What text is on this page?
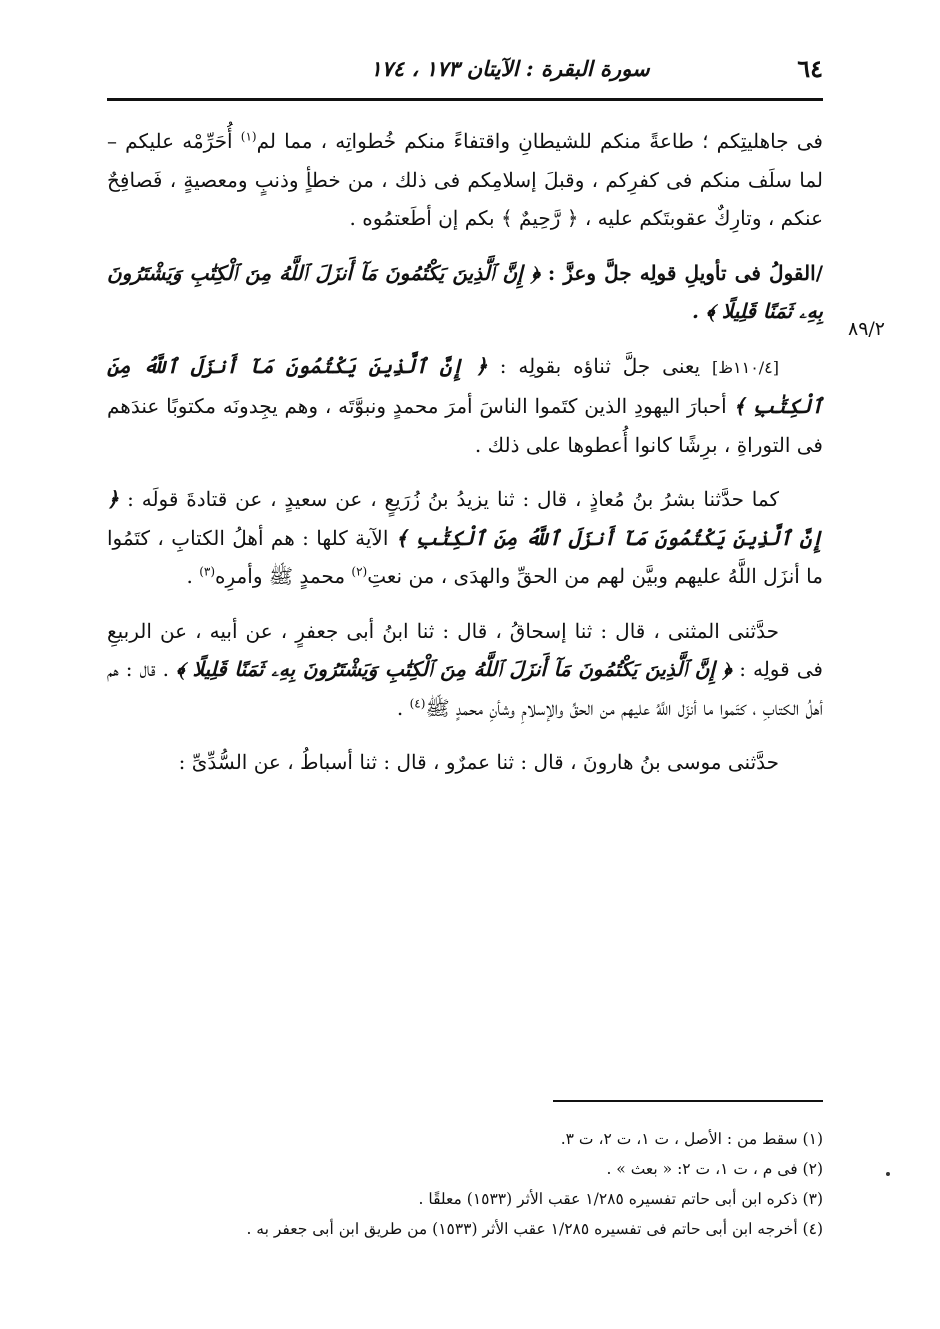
٦٤
سورة البقرة : الآيتان ١٧٣ ، ١٧٤
٨٩/٢

فى جاهليتِكم ؛ طاعةً منكم للشيطانِ واقتفاءً منكم خُطواتِه ، مما لم$^{(١)}$ أُحَرِّمْه عليكم – لما سلَف منكم فى كفرِكم ، وقبلَ إسلامِكم فى ذلك ، من خطأٍ وذنبٍ ومعصيةٍ ، فَصافِحٌ عنكم ، وتارِكٌ عقوبتَكم عليه ، ﴿ رَّحِيمٌ ﴾ بكم إن أطَعتمُوه .

/القولُ فى تأويلِ قولِه جلَّ وعزَّ : ﴿ إِنَّ ٱلَّذِينَ يَكْتُمُونَ مَآ أَنزَلَ ٱللَّهُ مِنَ ٱلْكِتَٰبِ وَيَشْتَرُونَ بِهِۦ ثَمَنًا قَلِيلًا ﴾ .

[١١٠/٤ظ] يعنى جلَّ ثناؤه بقولِه : ﴿ إِنَّ ٱلَّذِينَ يَكْتُمُونَ مَآ أَنزَلَ ٱللَّهُ مِنَ ٱلْكِتَٰبِ ﴾ أحبارَ اليهودِ الذين كتَموا الناسَ أمرَ محمدٍ ونبوَّتَه ، وهم يجِدونَه مكتوبًا عندَهم فى التوراةِ ، برِشًا كانوا أُعطوها على ذلك .

كما حدَّثنا بشرُ بنُ مُعاذٍ ، قال : ثنا يزيدُ بنُ زُرَيعٍ ، عن سعيدٍ ، عن قتادةَ قولَه : ﴿ إِنَّ ٱلَّذِينَ يَكْتُمُونَ مَآ أَنزَلَ ٱللَّهُ مِنَ ٱلْكِتَٰبِ ﴾ الآية كلها : هم أهلُ الكتابِ ، كتَمُوا ما أنزَل اللَّهُ عليهم وبيَّن لهم من الحقِّ والهدَى ، من نعتِ$^{(٢)}$ محمدٍ ﷺ وأمرِه$^{(٣)}$ .

حدَّثنى المثنى ، قال : ثنا إسحاقُ ، قال : ثنا ابنُ أبى جعفرٍ ، عن أبيه ، عن الربيعِ فى قولِه : ﴿ إِنَّ ٱلَّذِينَ يَكْتُمُونَ مَآ أَنزَلَ ٱللَّهُ مِنَ ٱلْكِتَٰبِ وَيَشْتَرُونَ بِهِۦ ثَمَنًا قَلِيلًا ﴾ . قال : هم أهلُ الكتابِ ، كتَموا ما أنزَل اللَّهُ عليهم من الحقِّ والإسلامِ وشأنِ محمدٍ ﷺ$^{(٤)}$ .

حدَّثنى موسى بنُ هارونَ ، قال : ثنا عمرٌو ، قال : ثنا أسباطُ ، عن السُّدِّىِّ :

(١) سقط من : الأصل ، ت ١، ت ٢، ت ٣.

(٢) فى م ، ت ١، ت ٢: « بعث » .

(٣) ذكره ابن أبى حاتم تفسيره ١/٢٨٥ عقب الأثر (١٥٣٣) معلقًا .

(٤) أخرجه ابن أبى حاتم فى تفسيره ١/٢٨٥ عقب الأثر (١٥٣٣) من طريق ابن أبى جعفر به .
